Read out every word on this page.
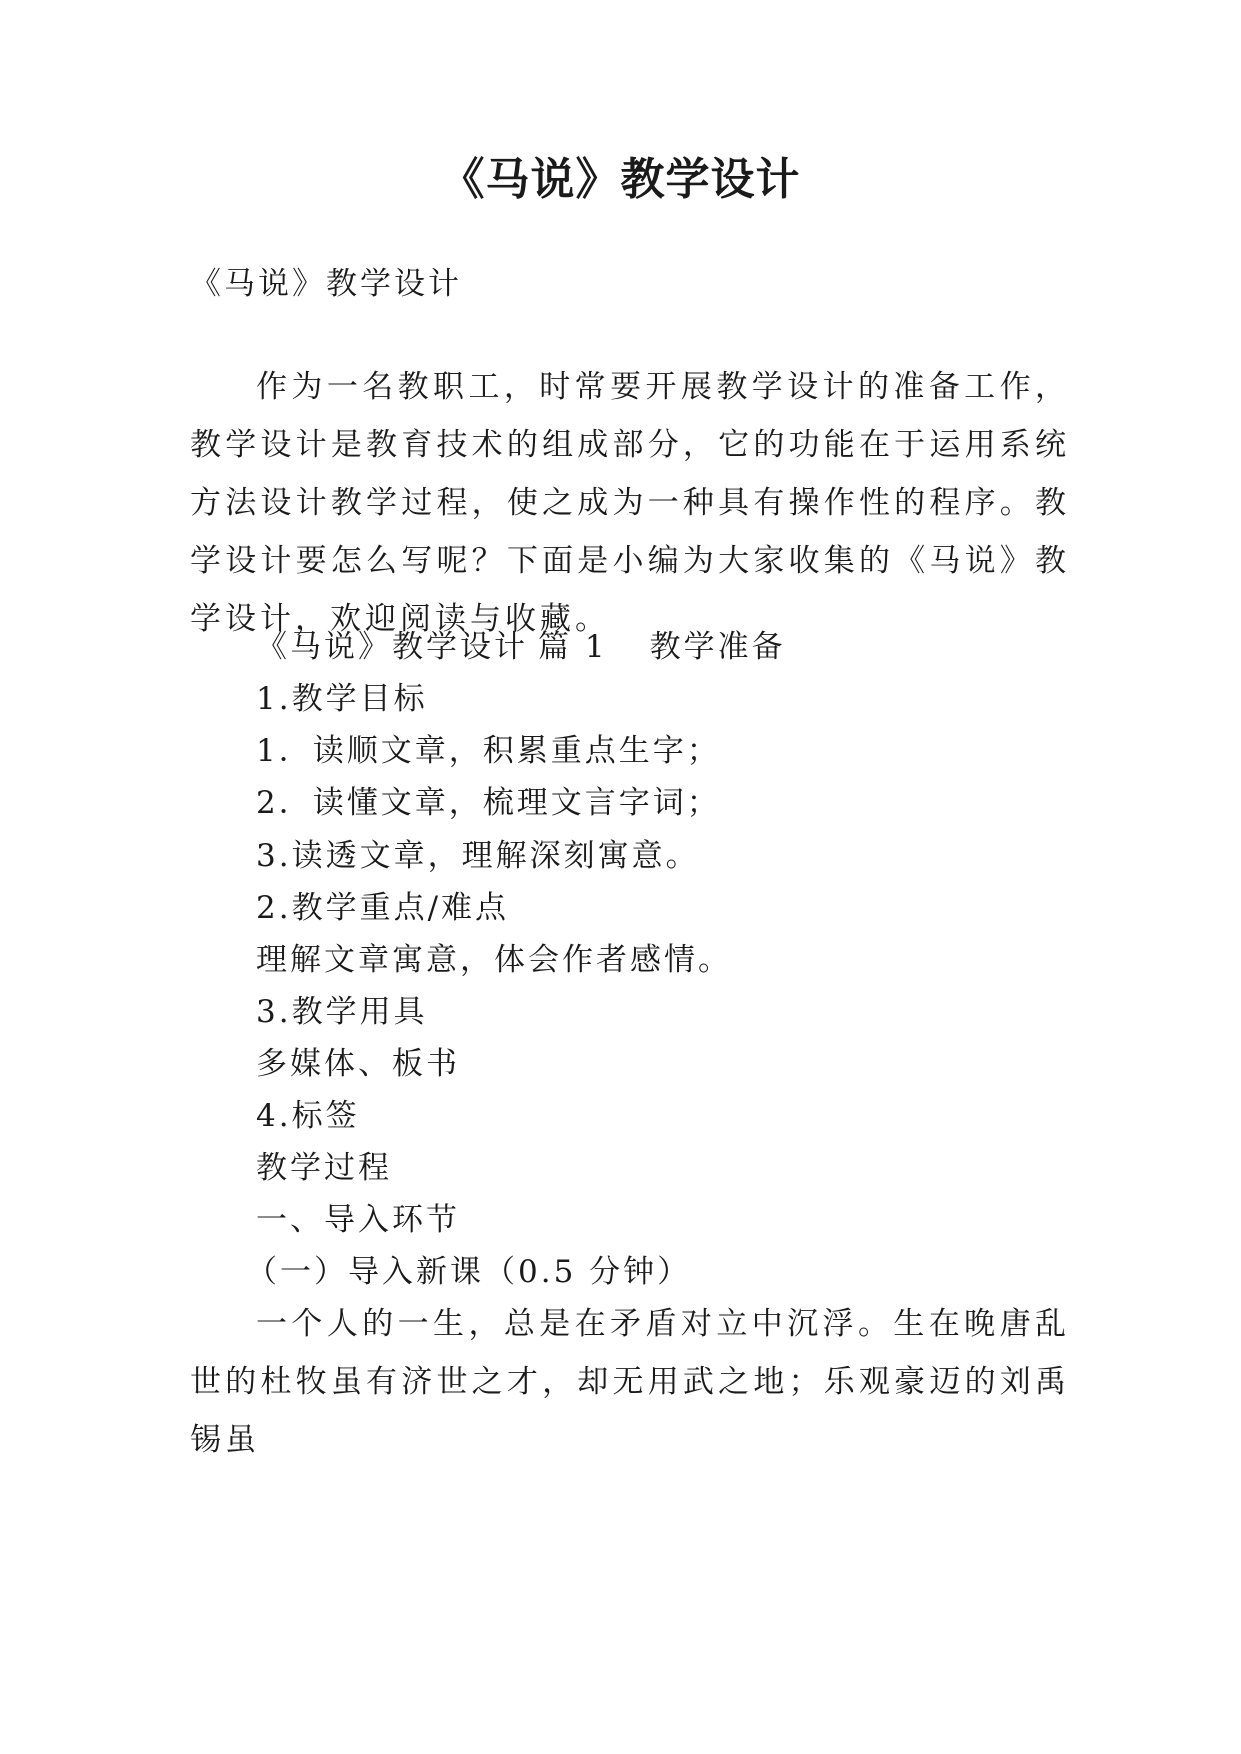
《马说》教学设计
《马说》教学设计
作为一名教职工，时常要开展教学设计的准备工作，教学设计是教育技术的组成部分，它的功能在于运用系统方法设计教学过程，使之成为一种具有操作性的程序。教学设计要怎么写呢？下面是小编为大家收集的《马说》教学设计，欢迎阅读与收藏。
《马说》教学设计 篇 1 教学准备
1.教学目标
1．读顺文章，积累重点生字；
2．读懂文章，梳理文言字词；
3.读透文章，理解深刻寓意。
2.教学重点/难点
理解文章寓意，体会作者感情。
3.教学用具
多媒体、板书
4.标签
教学过程
一、导入环节
（一）导入新课（0.5 分钟）
一个人的一生，总是在矛盾对立中沉浮。生在晚唐乱世的杜牧虽有济世之才，却无用武之地；乐观豪迈的刘禹锡虽
